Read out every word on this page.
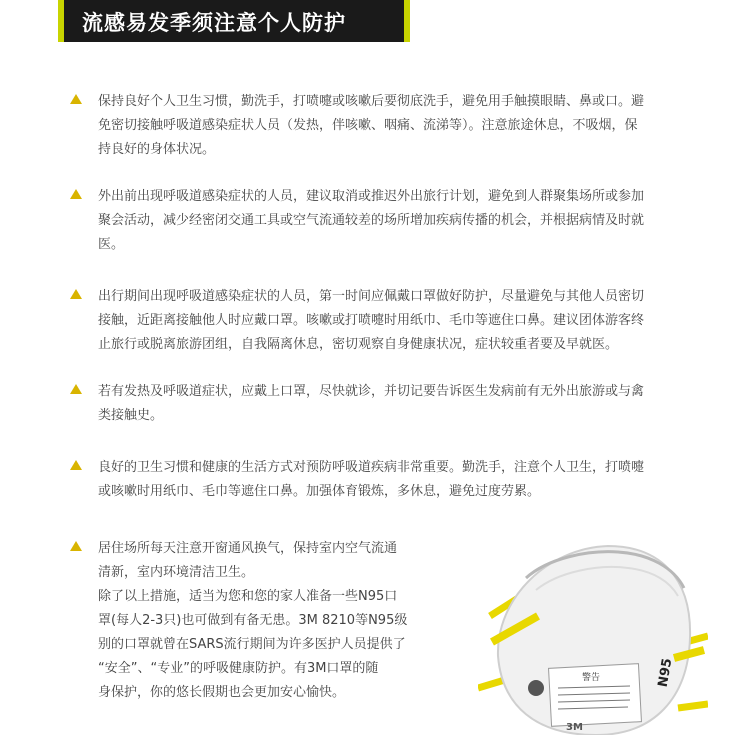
流感易发季须注意个人防护
保持良好个人卫生习惯，勤洗手，打喷嚏或咳嗽后要彻底洗手，避免用手触摸眼睛、鼻或口。避
免密切接触呼吸道感染症状人员（发热，伴咳嗽、咽痛、流涕等）。注意旅途休息，不吸烟，保
持良好的身体状况。
外出前出现呼吸道感染症状的人员，建议取消或推迟外出旅行计划，避免到人群聚集场所或参加
聚会活动，减少经密闭交通工具或空气流通较差的场所增加疾病传播的机会，并根据病情及时就
医。
出行期间出现呼吸道感染症状的人员，第一时间应佩戴口罩做好防护，尽量避免与其他人员密切
接触，近距离接触他人时应戴口罩。咳嗽或打喷嚏时用纸巾、毛巾等遮住口鼻。建议团体游客终
止旅行或脱离旅游团组，自我隔离休息，密切观察自身健康状况，症状较重者要及早就医。
若有发热及呼吸道症状，应戴上口罩，尽快就诊，并切记要告诉医生发病前有无外出旅游或与禽
类接触史。
良好的卫生习惯和健康的生活方式对预防呼吸道疾病非常重要。勤洗手，注意个人卫生，打喷嚏
或咳嗽时用纸巾、毛巾等遮住口鼻。加强体育锻炼，多休息，避免过度劳累。
居住场所每天注意开窗通风换气，保持室内空气流通
清新，室内环境清洁卫生。
除了以上措施，适当为您和您的家人准备一些N95口
罩(每人2-3只)也可做到有备无患。3M 8210等N95级
别的口罩就曾在SARS流行期间为许多医护人员提供了
“安全”、“专业”的呼吸健康防护。有3M口罩的随
身保护，你的悠长假期也会更加安心愉快。
警告
3M
N95
